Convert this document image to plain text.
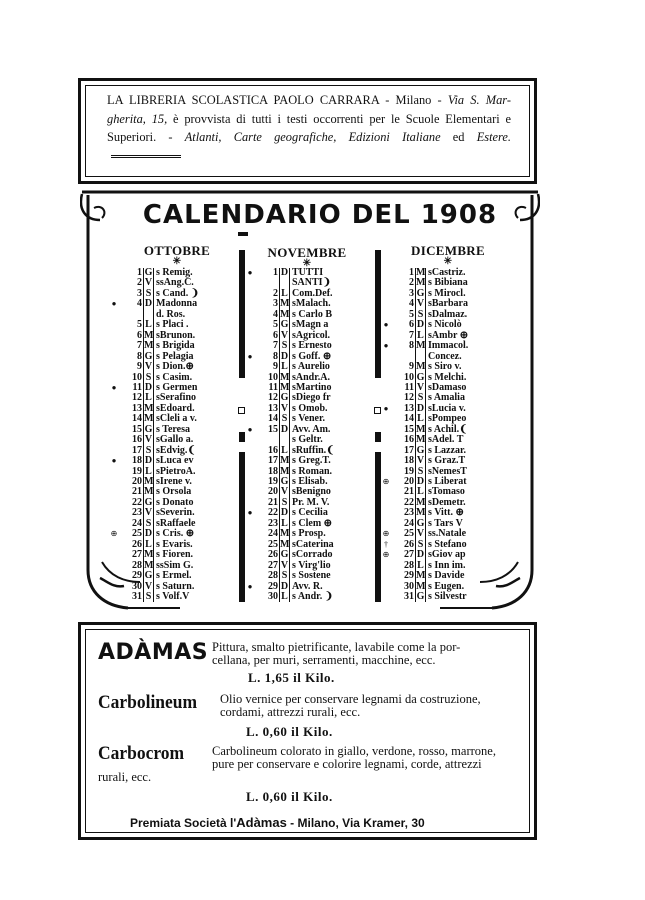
LA LIBRERIA SCOLASTICA PAOLO CARRARA - Milano - Via S. Mar- gherita, 15, è provvista di tutti i testi occorrenti per le Scuole Elementari e Superiori. - Atlanti, Carte geografiche, Edizioni Italiane ed Estere.
CALENDARIO DEL 1908
OTTOBRE
✳
NOVEMBRE
✳
DICEMBRE
✳
1 G s Remig.
2 V ssAng.C.
3 S s Cand. ❩
●	4 D Madonna
d. Ros.
5 L s Placi .
6 M sBrunon.
7 M s Brigida
8 G s Pelagia
9 V s Dion.⊕
10 S s Casim.
●	11 D s Germen
12 L sSerafino
13 M sEdoard.
14 M sCleli a v.
15 G s Teresa
16 V sGallo a.
17 S sEdvig.❨
●	18 D sLuca ev
19 L sPietroA.
20 M sIrene v.
21 M s Orsola
22 G s Donato
23 V sSeverin.
24 S sRaffaele
⊕	25 D s Cris. ⊕
26 L s Evaris.
27 M s Fioren.
28 M ssSim G.
29 G s Ermel.
30 V s Saturn.
31 S s Volf.V
●	1 D TUTTI
SANTI❩
2 L Com.Def.
3 M sMalach.
4 M s Carlo B
5 G sMagn a
6 V sAgricol.
7 S s Ernesto
●	8 D s Goff. ⊕
9 L s Aurelio
10 M sAndr.A.
11 M sMartino
12 G sDiego fr
13 V s Omob.
14 S s Vener.
●	15 D Avv. Am.
s Geltr.
16 L sRuffin.❨
17 M s Greg.T.
18 M s Roman.
19 G s Elisab.
20 V sBenigno
21 S Pr. M. V.
●	22 D s Cecilia
23 L s Clem ⊕
24 M s Prosp.
25 M sCaterina
26 G sCorrado
27 V s Virg'lio
28 S s Sostene
●	29 D Avv. R.
30 L s Andr. ❩
1 M sCastriz.
2 M s Bibiana
3 G s Mirocl.
4 V sBarbara
5 S sDalmaz.
●	6 D s Nicolò
7 L sAmbr ⊕
●	8 M Immacol.
Concez.
9 M s Siro v.
10 G s Melchi.
11 V sDamaso
12 S s Amalia
●	13 D sLucia v.
14 L sPompeo
15 M s Achil.❨
16 M sAdel. T
17 G s Lazzar.
18 V s Graz.T
19 S sNemesT
⊕	20 D s Liberat
21 L sTomaso
22 M sDemetr.
23 M s Vitt. ⊕
24 G s Tars V
⊕	25 V ss.Natale
†	26 S s Stefano
⊕	27 D sGiov ap
28 L s Inn im.
29 M s Davide
30 M s Eugen.
31 G s Silvestr
ADÀMAS Pittura, smalto pietrificante, lavabile come la por-
cellana, per muri, serramenti, macchine, ecc.
L. 1,65 il Kilo.
Carbolineum Olio vernice per conservare legnami da costruzione,
cordami, attrezzi rurali, ecc.
L. 0,60 il Kilo.
Carbocrom Carbolineum colorato in giallo, verdone, rosso, marrone,
pure per conservare e colorire legnami, corde, attrezzi
rurali, ecc.
L. 0,60 il Kilo.
Premiata Società l'Adàmas - Milano, Via Kramer, 30
